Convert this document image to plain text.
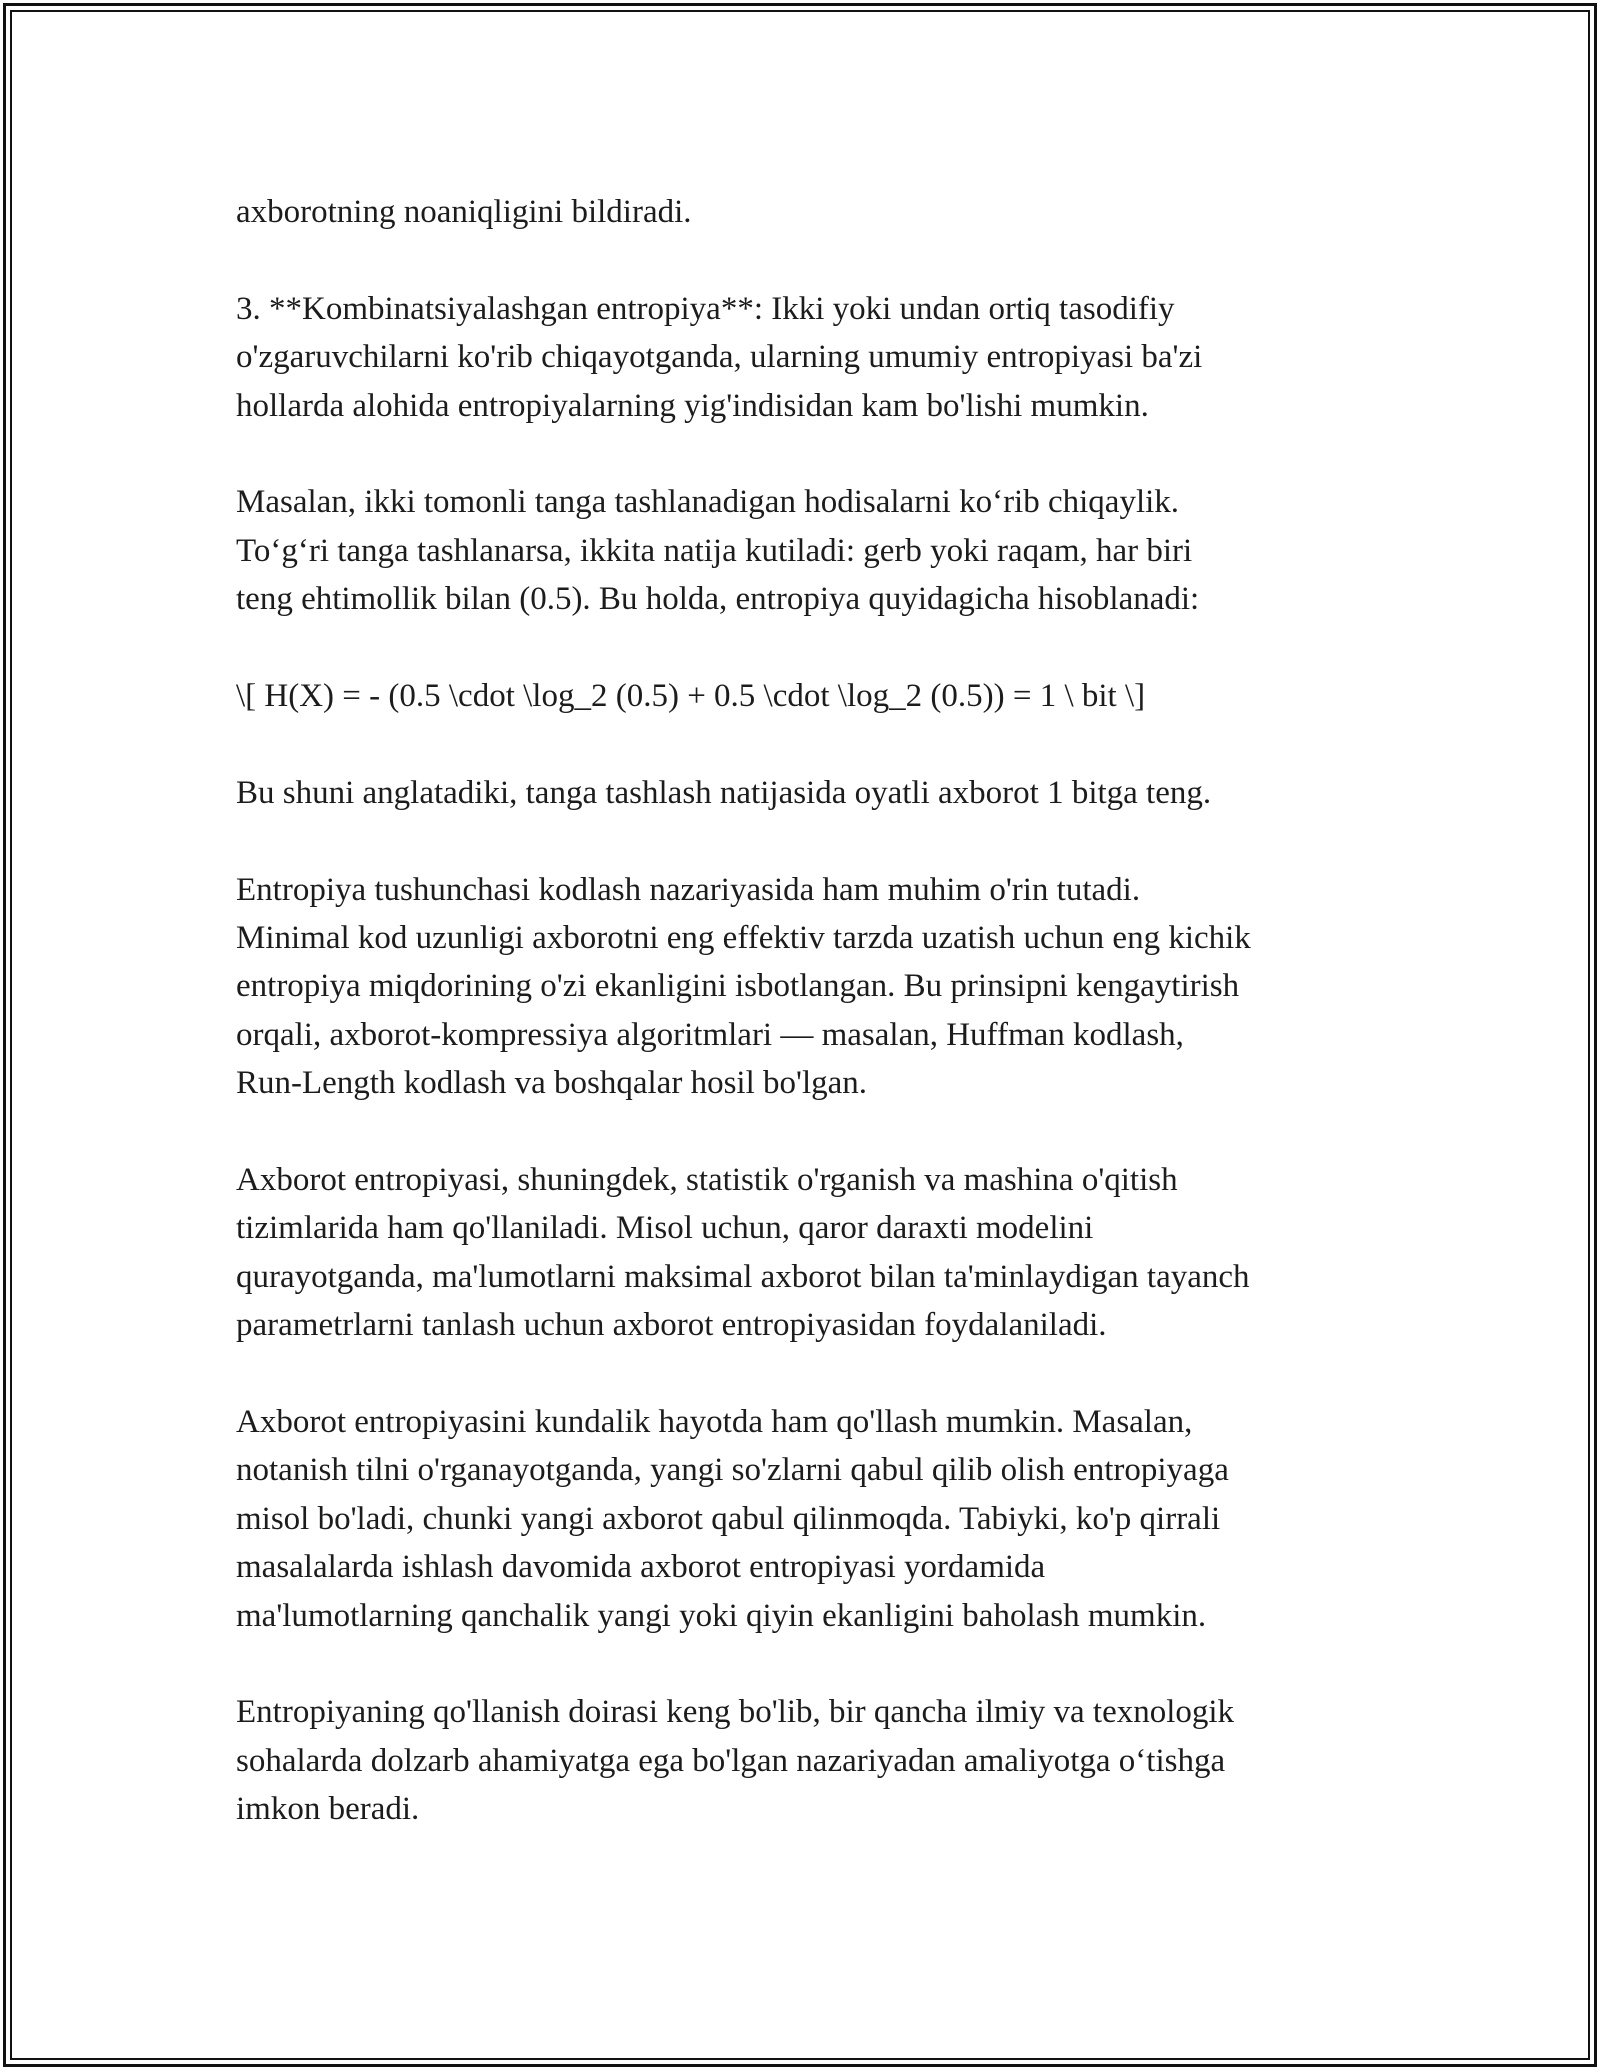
axborotning noaniqligini bildiradi.

3. **Kombinatsiyalashgan entropiya**: Ikki yoki undan ortiq tasodifiy
o'zgaruvchilarni ko'rib chiqayotganda, ularning umumiy entropiyasi ba'zi
hollarda alohida entropiyalarning yig'indisidan kam bo'lishi mumkin.

Masalan, ikki tomonli tanga tashlanadigan hodisalarni ko‘rib chiqaylik.
To‘g‘ri tanga tashlanarsa, ikkita natija kutiladi: gerb yoki raqam, har biri
teng ehtimollik bilan (0.5). Bu holda, entropiya quyidagicha hisoblanadi:

\[ H(X) = - (0.5 \cdot \log_2 (0.5) + 0.5 \cdot \log_2 (0.5)) = 1 \ bit \]

Bu shuni anglatadiki, tanga tashlash natijasida oyatli axborot 1 bitga teng.

Entropiya tushunchasi kodlash nazariyasida ham muhim o'rin tutadi.
Minimal kod uzunligi axborotni eng effektiv tarzda uzatish uchun eng kichik
entropiya miqdorining o'zi ekanligini isbotlangan. Bu prinsipni kengaytirish
orqali, axborot-kompressiya algoritmlari — masalan, Huffman kodlash,
Run-Length kodlash va boshqalar hosil bo'lgan.

Axborot entropiyasi, shuningdek, statistik o'rganish va mashina o'qitish
tizimlarida ham qo'llaniladi. Misol uchun, qaror daraxti modelini
qurayotganda, ma'lumotlarni maksimal axborot bilan ta'minlaydigan tayanch
parametrlarni tanlash uchun axborot entropiyasidan foydalaniladi.

Axborot entropiyasini kundalik hayotda ham qo'llash mumkin. Masalan,
notanish tilni o'rganayotganda, yangi so'zlarni qabul qilib olish entropiyaga
misol bo'ladi, chunki yangi axborot qabul qilinmoqda. Tabiyki, ko'p qirrali
masalalarda ishlash davomida axborot entropiyasi yordamida
ma'lumotlarning qanchalik yangi yoki qiyin ekanligini baholash mumkin.

Entropiyaning qo'llanish doirasi keng bo'lib, bir qancha ilmiy va texnologik
sohalarda dolzarb ahamiyatga ega bo'lgan nazariyadan amaliyotga o‘tishga
imkon beradi.
